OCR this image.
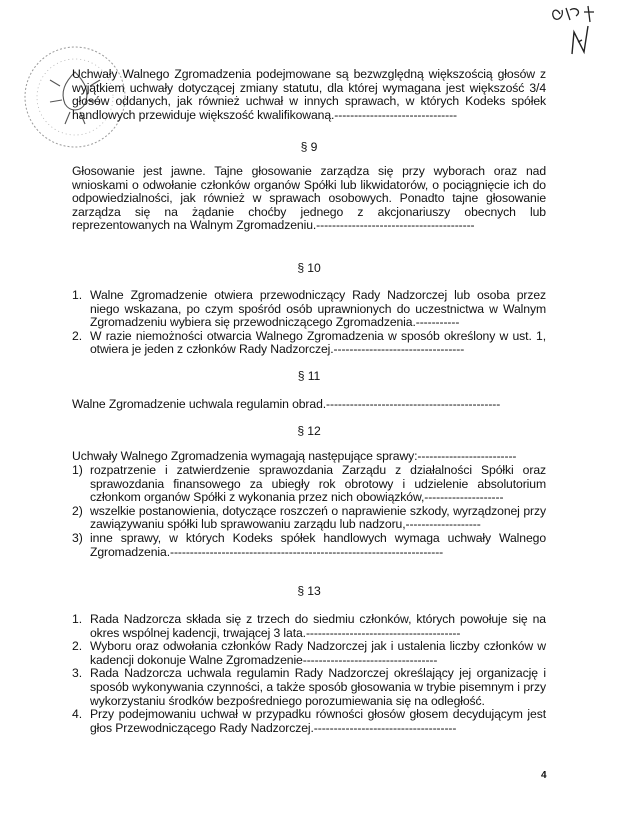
Uchwały Walnego Zgromadzenia podejmowane są bezwzględną większością głosów z wyjątkiem uchwały dotyczącej zmiany statutu, dla której wymagana jest większość 3/4 głosów oddanych, jak również uchwał w innych sprawach, w których Kodeks spółek handlowych przewiduje większość kwalifikowaną.-------------------------------
§ 9
Głosowanie jest jawne. Tajne głosowanie zarządza się przy wyborach oraz nad wnioskami o odwołanie członków organów Spółki lub likwidatorów, o pociągnięcie ich do odpowiedzialności, jak również w sprawach osobowych. Ponadto tajne głosowanie zarządza się na żądanie choćby jednego z akcjonariuszy obecnych lub reprezentowanych na Walnym Zgromadzeniu.----------------------------------------
§ 10
1. Walne Zgromadzenie otwiera przewodniczący Rady Nadzorczej lub osoba przez niego wskazana, po czym spośród osób uprawnionych do uczestnictwa w Walnym Zgromadzeniu wybiera się przewodniczącego Zgromadzenia.-----------
2. W razie niemożności otwarcia Walnego Zgromadzenia w sposób określony w ust. 1, otwiera je jeden z członków Rady Nadzorczej.---------------------------------
§ 11
Walne Zgromadzenie uchwala regulamin obrad.--------------------------------------------
§ 12
Uchwały Walnego Zgromadzenia wymagają następujące sprawy:-------------------------
1) rozpatrzenie i zatwierdzenie sprawozdania Zarządu z działalności Spółki oraz sprawozdania finansowego za ubiegły rok obrotowy i udzielenie absolutorium członkom organów Spółki z wykonania przez nich obowiązków,--------------------
2) wszelkie postanowienia, dotyczące roszczeń o naprawienie szkody, wyrządzonej przy zawiązywaniu spółki lub sprawowaniu zarządu lub nadzoru,-------------------
3) inne sprawy, w których Kodeks spółek handlowych wymaga uchwały Walnego Zgromadzenia.---------------------------------------------------------------------
§ 13
1. Rada Nadzorcza składa się z trzech do siedmiu członków, których powołuje się na okres wspólnej kadencji, trwającej 3 lata.---------------------------------------
2. Wyboru oraz odwołania członków Rady Nadzorczej jak i ustalenia liczby członków w kadencji dokonuje Walne Zgromadzenie----------------------------------
3. Rada Nadzorcza uchwala regulamin Rady Nadzorczej określający jej organizację i sposób wykonywania czynności, a także sposób głosowania w trybie pisemnym i przy wykorzystaniu środków bezpośredniego porozumiewania się na odległość.
4. Przy podejmowaniu uchwał w przypadku równości głosów głosem decydującym jest głos Przewodniczącego Rady Nadzorczej.------------------------------------
4
